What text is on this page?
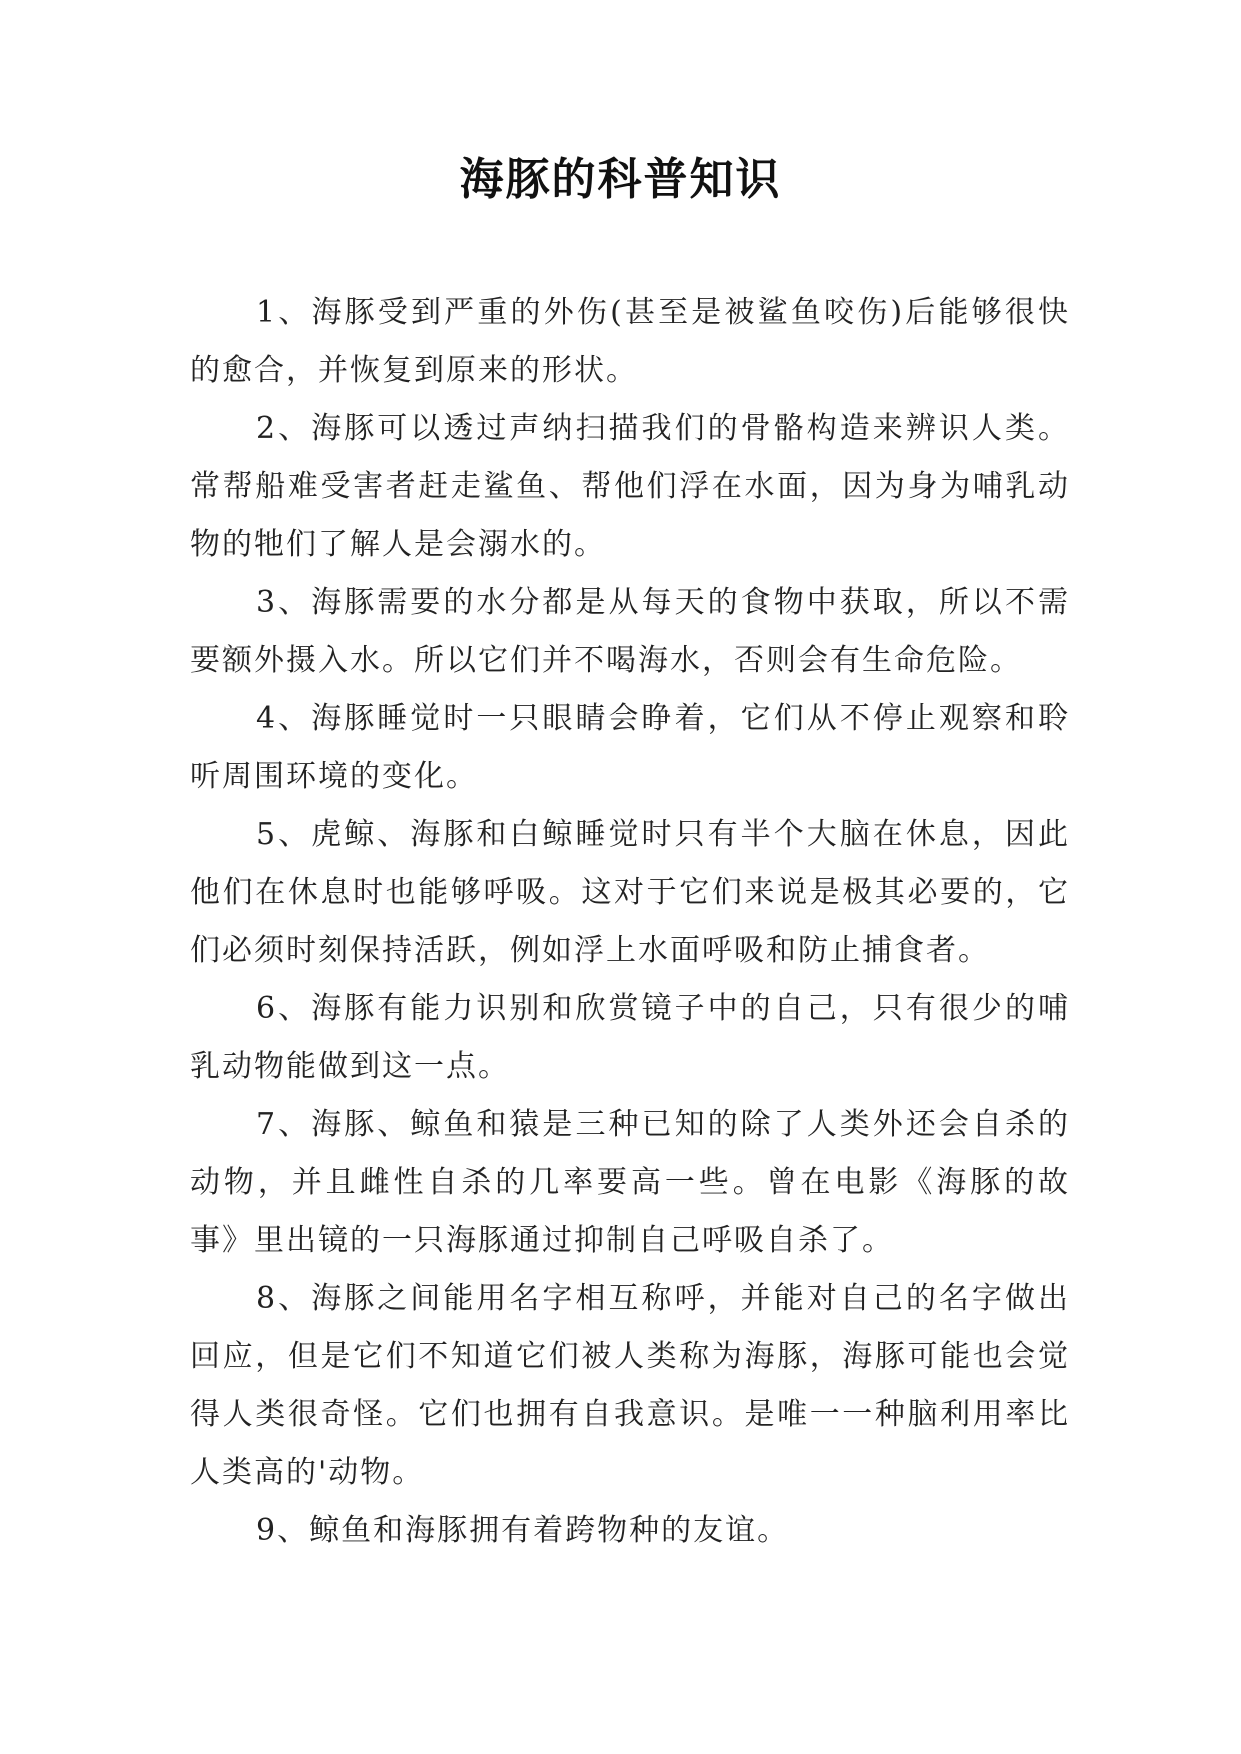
海豚的科普知识

1、海豚受到严重的外伤(甚至是被鲨鱼咬伤)后能够很快的愈合，并恢复到原来的形状。

2、海豚可以透过声纳扫描我们的骨骼构造来辨识人类。常帮船难受害者赶走鲨鱼、帮他们浮在水面，因为身为哺乳动物的牠们了解人是会溺水的。

3、海豚需要的水分都是从每天的食物中获取，所以不需要额外摄入水。所以它们并不喝海水，否则会有生命危险。

4、海豚睡觉时一只眼睛会睁着，它们从不停止观察和聆听周围环境的变化。

5、虎鲸、海豚和白鲸睡觉时只有半个大脑在休息，因此他们在休息时也能够呼吸。这对于它们来说是极其必要的，它们必须时刻保持活跃，例如浮上水面呼吸和防止捕食者。

6、海豚有能力识别和欣赏镜子中的自己，只有很少的哺乳动物能做到这一点。

7、海豚、鲸鱼和猿是三种已知的除了人类外还会自杀的动物，并且雌性自杀的几率要高一些。曾在电影《海豚的故事》里出镜的一只海豚通过抑制自己呼吸自杀了。

8、海豚之间能用名字相互称呼，并能对自己的名字做出回应，但是它们不知道它们被人类称为海豚，海豚可能也会觉得人类很奇怪。它们也拥有自我意识。是唯一一种脑利用率比人类高的'动物。

9、鲸鱼和海豚拥有着跨物种的友谊。
